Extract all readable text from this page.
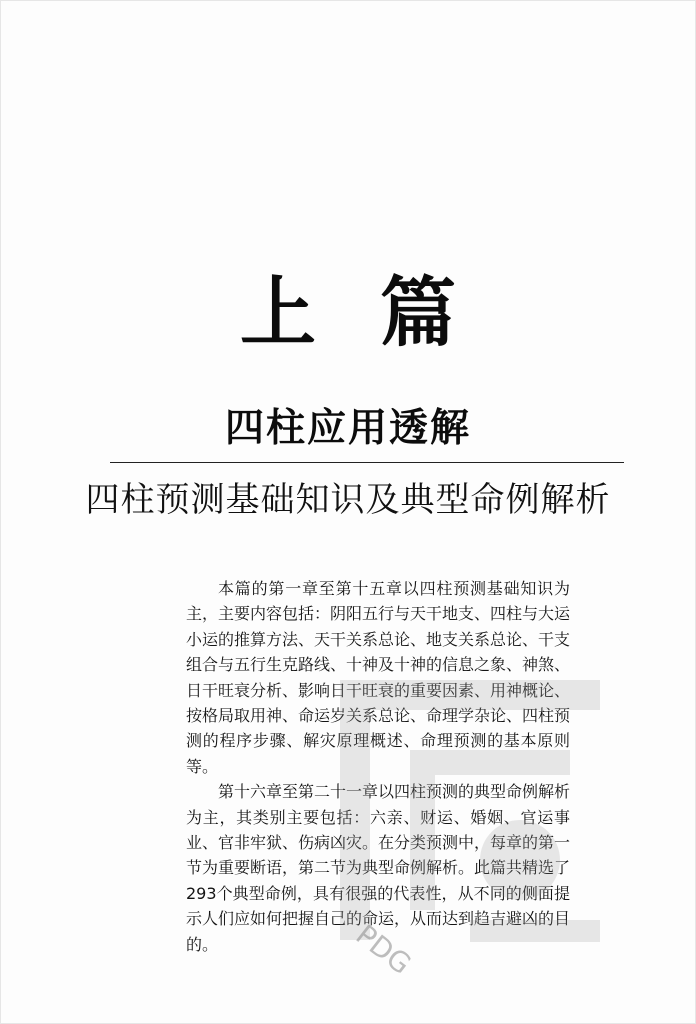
上篇
四柱应用透解
四柱预测基础知识及典型命例解析

本篇的第一章至第十五章以四柱预测基础知识为主，主要内容包括：阴阳五行与天干地支、四柱与大运小运的推算方法、天干关系总论、地支关系总论、干支组合与五行生克路线、十神及十神的信息之象、神煞、日干旺衰分析、影响日干旺衰的重要因素、用神概论、按格局取用神、命运岁关系总论、命理学杂论、四柱预测的程序步骤、解灾原理概述、命理预测的基本原则等。

第十六章至第二十一章以四柱预测的典型命例解析为主，其类别主要包括：六亲、财运、婚姻、官运事业、官非牢狱、伤病凶灾。在分类预测中，每章的第一节为重要断语，第二节为典型命例解析。此篇共精选了293个典型命例，具有很强的代表性，从不同的侧面提示人们应如何把握自己的命运，从而达到趋吉避凶的目的。	PDG
